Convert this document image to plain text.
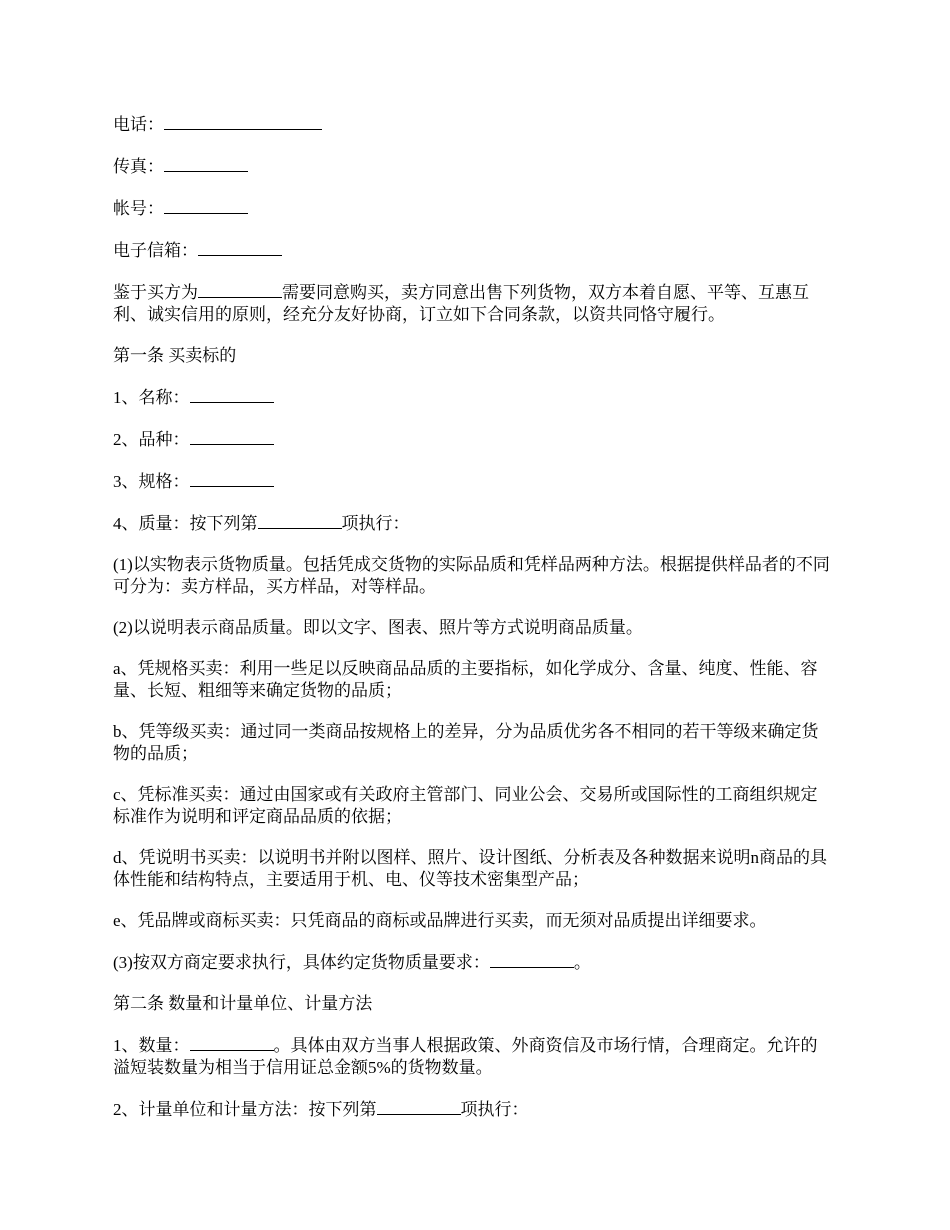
电话：

传真：

帐号：

电子信箱：

鉴于买方为	需要同意购买，卖方同意出售下列货物，双方本着自愿、平等、互惠互利、诚实信用的原则，经充分友好协商，订立如下合同条款，以资共同恪守履行。

第一条 买卖标的

1、名称：

2、品种：

3、规格：

4、质量：按下列第	项执行：

(1)以实物表示货物质量。包括凭成交货物的实际品质和凭样品两种方法。根据提供样品者的不同可分为：卖方样品，买方样品，对等样品。

(2)以说明表示商品质量。即以文字、图表、照片等方式说明商品质量。

a、凭规格买卖：利用一些足以反映商品品质的主要指标，如化学成分、含量、纯度、性能、容量、长短、粗细等来确定货物的品质；

b、凭等级买卖：通过同一类商品按规格上的差异，分为品质优劣各不相同的若干等级来确定货物的品质；

c、凭标准买卖：通过由国家或有关政府主管部门、同业公会、交易所或国际性的工商组织规定标准作为说明和评定商品品质的依据；

d、凭说明书买卖：以说明书并附以图样、照片、设计图纸、分析表及各种数据来说明n商品的具体性能和结构特点，主要适用于机、电、仪等技术密集型产品；

e、凭品牌或商标买卖：只凭商品的商标或品牌进行买卖，而无须对品质提出详细要求。

(3)按双方商定要求执行，具体约定货物质量要求：	。

第二条 数量和计量单位、计量方法

1、数量：	。具体由双方当事人根据政策、外商资信及市场行情，合理商定。允许的溢短装数量为相当于信用证总金额5%的货物数量。

2、计量单位和计量方法：按下列第	项执行：
